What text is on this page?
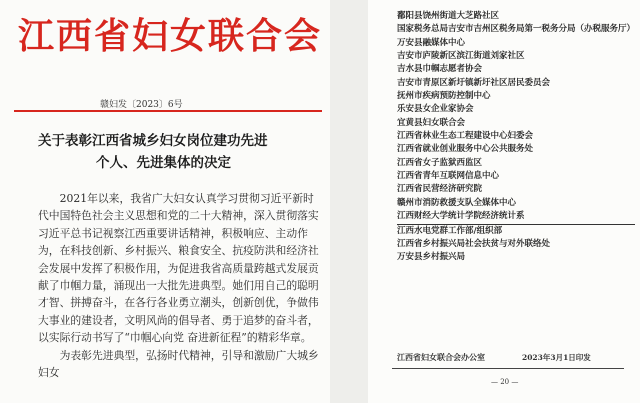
江西省妇女联合会
赣妇发〔2023〕6号
关于表彰江西省城乡妇女岗位建功先进
个人、先进集体的决定

2021年以来，我省广大妇女认真学习贯彻习近平新时代中国特色社会主义思想和党的二十大精神，深入贯彻落实习近平总书记视察江西重要讲话精神，积极响应、主动作为，在科技创新、乡村振兴、粮食安全、抗疫防洪和经济社会发展中发挥了积极作用，为促进我省高质量跨越式发展贡献了巾帼力量，涌现出一大批先进典型。她们用自己的聪明才智、拼搏奋斗，在各行各业勇立潮头，创新创优，争做伟大事业的建设者，文明风尚的倡导者、勇于追梦的奋斗者，以实际行动书写了“巾帼心向党 奋进新征程”的精彩华章。

为表彰先进典型，弘扬时代精神，引导和激励广大城乡妇女

鄱阳县饶州街道大芝路社区
国家税务总局吉安市吉州区税务局第一税务分局（办税服务厅）
万安县融媒体中心
吉安市庐陵新区滨江街道刘家社区
吉水县巾帼志愿者协会
吉安市青原区新圩镇新圩社区居民委员会
抚州市疾病预防控制中心
乐安县女企业家协会
宜黄县妇女联合会
江西省林业生态工程建设中心妇委会
江西省就业创业服务中心公共服务处
江西省女子监狱西监区
江西省青年互联网信息中心
江西省民营经济研究院
赣州市消防救援支队全媒体中心
江西财经大学统计学院经济统计系
江西水电党群工作部/组织部
江西省乡村振兴局社会扶贫与对外联络处
万安县乡村振兴局
江西省妇女联合会办公室	2023年3月1日印发
— 20 —
